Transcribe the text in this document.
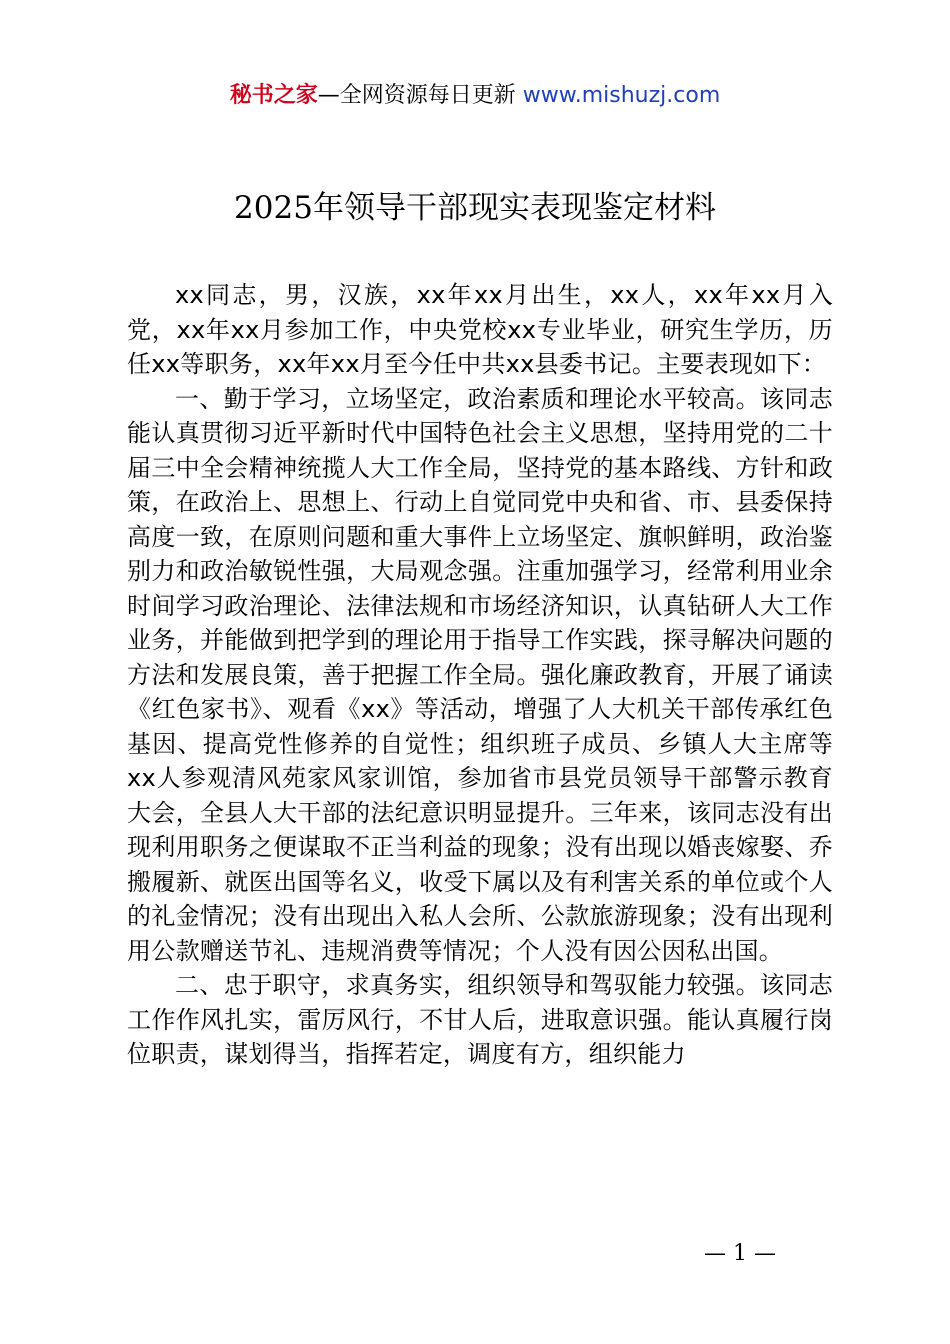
秘书之家—全网资源每日更新 www.mishuzj.com
2025年领导干部现实表现鉴定材料

xx同志，男，汉族，xx年xx月出生，xx人，xx年xx月入党，xx年xx月参加工作，中央党校xx专业毕业，研究生学历，历任xx等职务，xx年xx月至今任中共xx县委书记。主要表现如下：

一、勤于学习，立场坚定，政治素质和理论水平较高。该同志能认真贯彻习近平新时代中国特色社会主义思想，坚持用党的二十届三中全会精神统揽人大工作全局，坚持党的基本路线、方针和政策，在政治上、思想上、行动上自觉同党中央和省、市、县委保持高度一致，在原则问题和重大事件上立场坚定、旗帜鲜明，政治鉴别力和政治敏锐性强，大局观念强。注重加强学习，经常利用业余时间学习政治理论、法律法规和市场经济知识，认真钻研人大工作业务，并能做到把学到的理论用于指导工作实践，探寻解决问题的方法和发展良策，善于把握工作全局。强化廉政教育，开展了诵读《红色家书》、观看《xx》等活动，增强了人大机关干部传承红色基因、提高党性修养的自觉性；组织班子成员、乡镇人大主席等xx人参观清风苑家风家训馆，参加省市县党员领导干部警示教育大会，全县人大干部的法纪意识明显提升。三年来，该同志没有出现利用职务之便谋取不正当利益的现象；没有出现以婚丧嫁娶、乔搬履新、就医出国等名义，收受下属以及有利害关系的单位或个人的礼金情况；没有出现出入私人会所、公款旅游现象；没有出现利用公款赠送节礼、违规消费等情况；个人没有因公因私出国。

二、忠于职守，求真务实，组织领导和驾驭能力较强。该同志工作作风扎实，雷厉风行，不甘人后，进取意识强。能认真履行岗位职责，谋划得当，指挥若定，调度有方，组织能力

— 1 —
